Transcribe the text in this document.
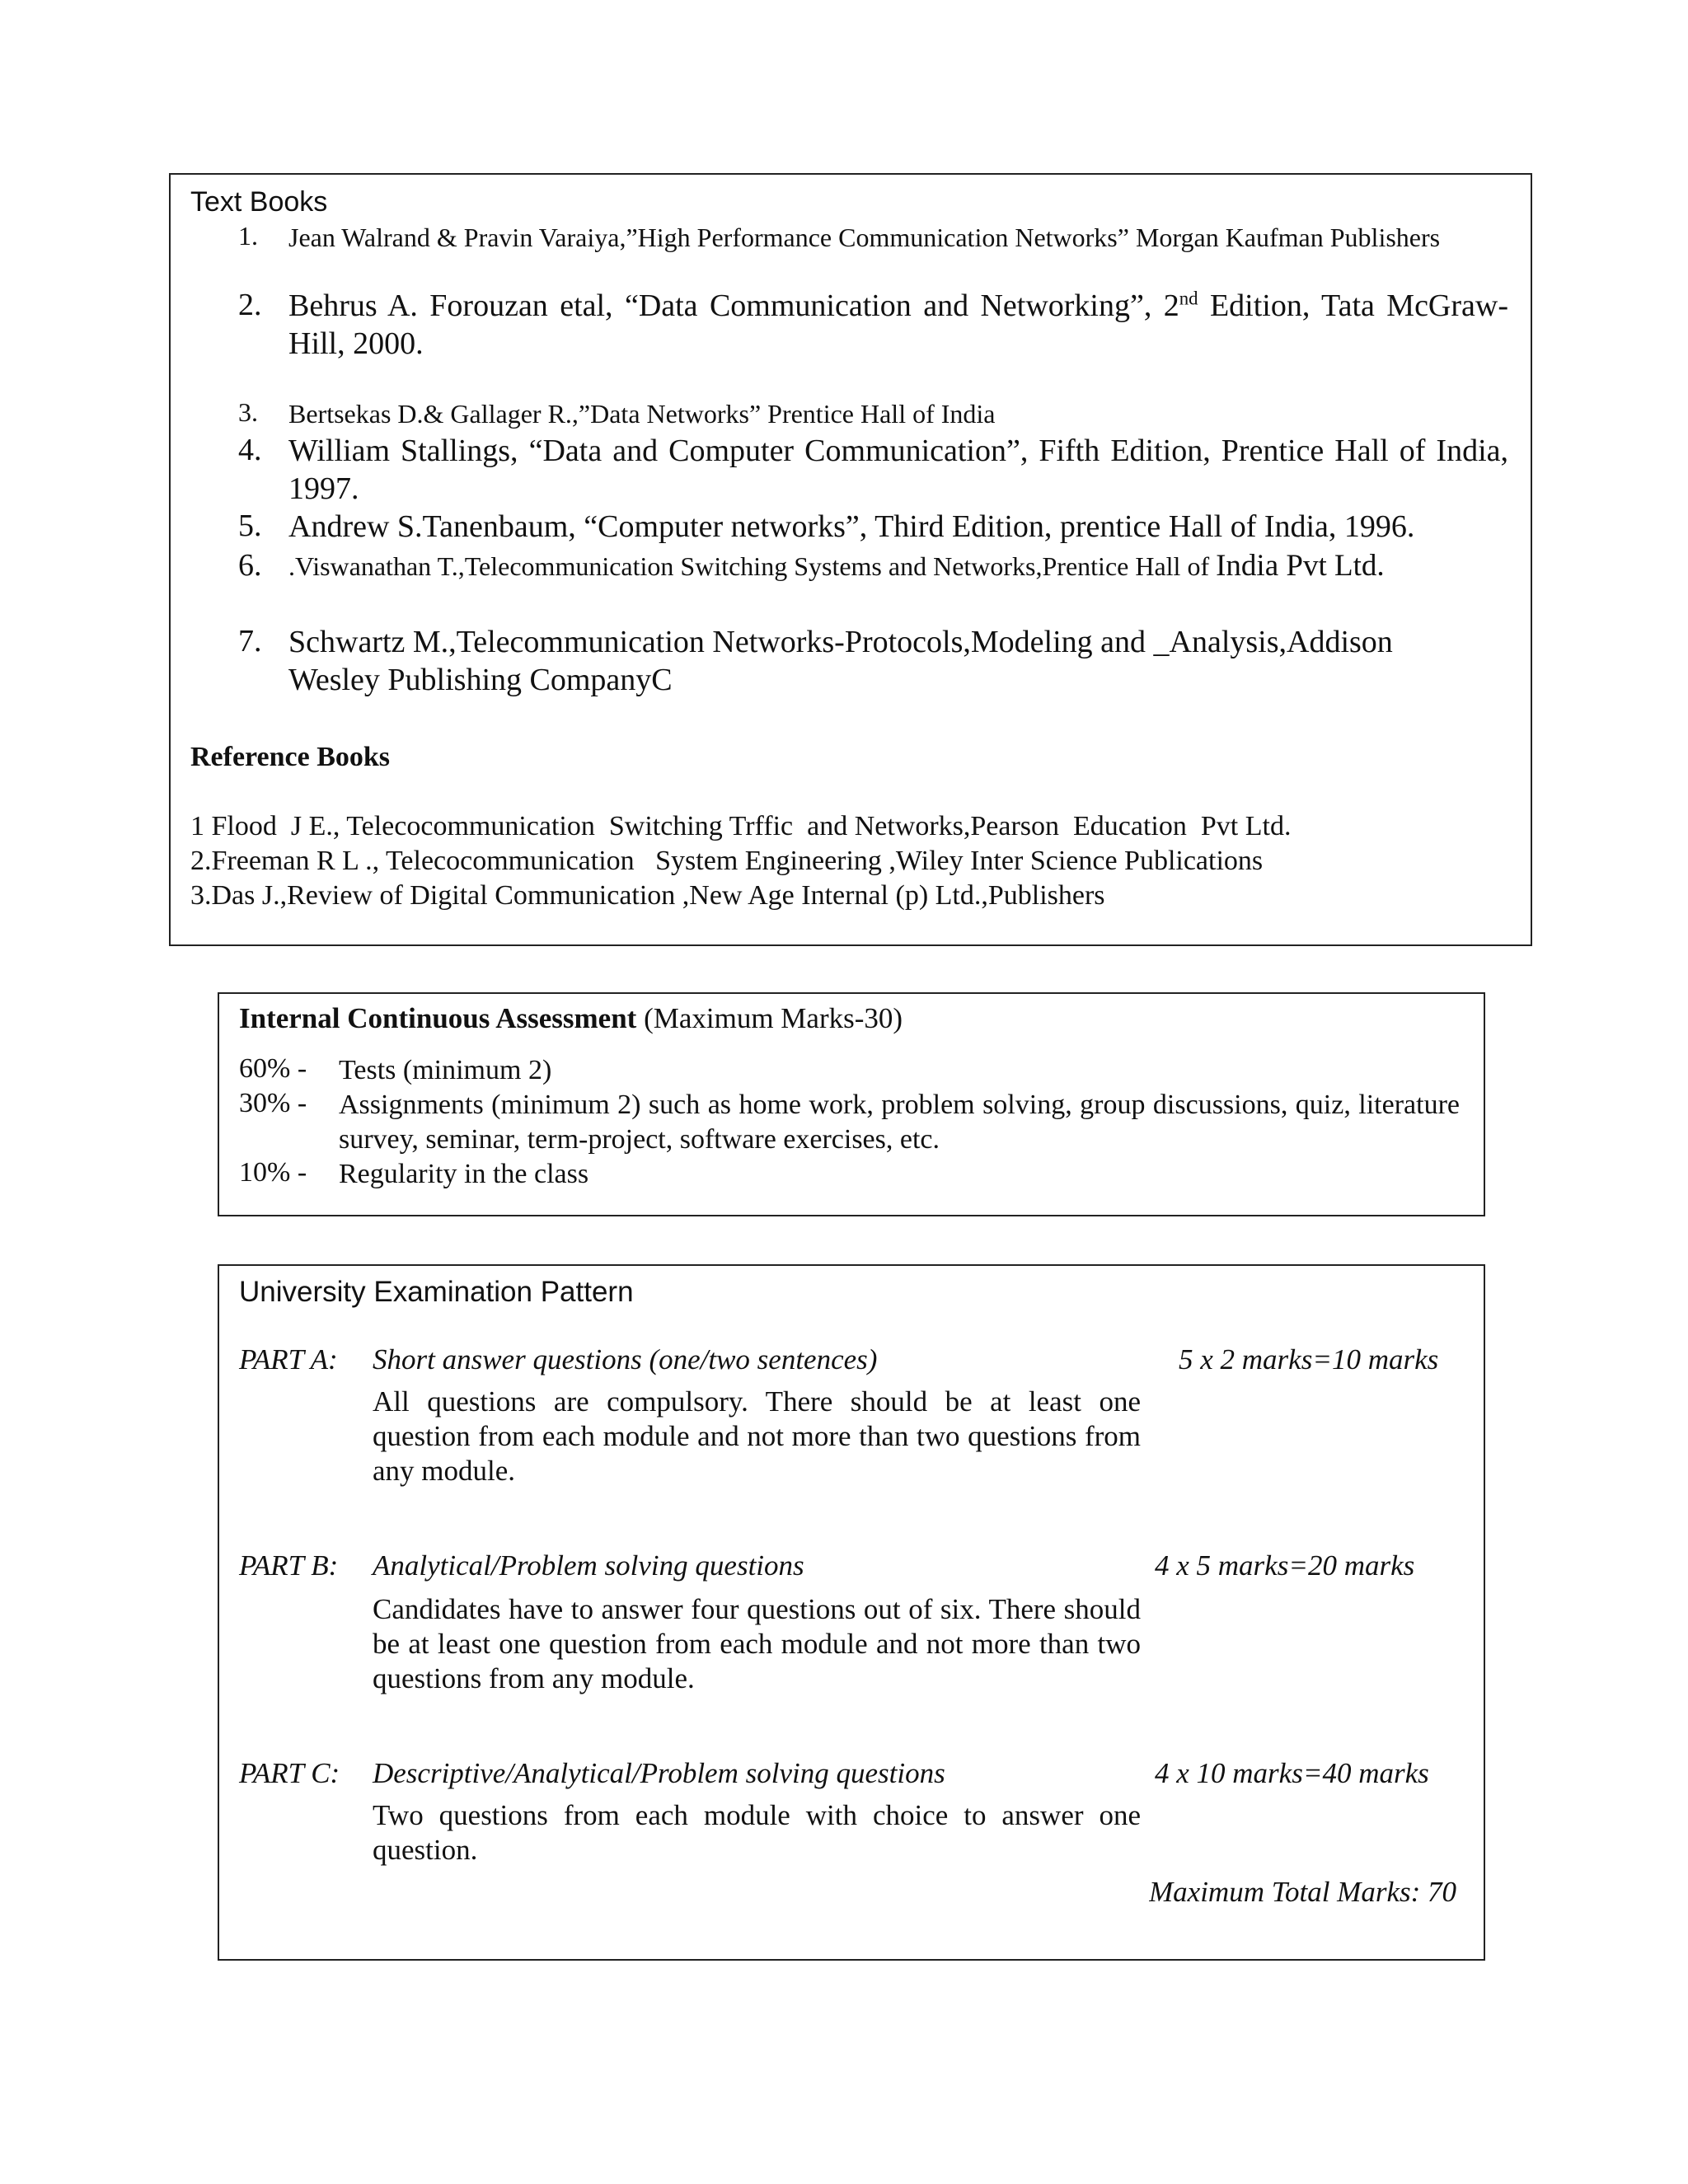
Text Books
1. Jean Walrand & Pravin Varaiya,”High Performance Communication Networks” Morgan Kaufman Publishers
2. Behrus A. Forouzan etal, “Data Communication and Networking”, 2nd Edition, Tata McGraw-Hill, 2000.
3. Bertsekas D.& Gallager R.,”Data Networks” Prentice Hall of India
4. William Stallings, “Data and Computer Communication”, Fifth Edition, Prentice Hall of India, 1997.
5. Andrew S.Tanenbaum, “Computer networks”, Third Edition, prentice Hall of India, 1996.
6. .Viswanathan T.,Telecommunication Switching Systems and Networks,Prentice Hall of India Pvt Ltd.
7. Schwartz M.,Telecommunication Networks-Protocols,Modeling and _Analysis,Addison Wesley Publishing CompanyC
Reference Books
1 Flood  J E., Telecocommunication  Switching Trffic  and Networks,Pearson  Education  Pvt Ltd.
2.Freeman R L ., Telecocommunication   System Engineering ,Wiley Inter Science Publications
3.Das J.,Review of Digital Communication ,New Age Internal (p) Ltd.,Publishers
Internal Continuous Assessment (Maximum Marks-30)
60% - Tests (minimum 2)
30% - Assignments (minimum 2) such as home work, problem solving, group discussions, quiz, literature survey, seminar, term-project, software exercises, etc.
10% - Regularity in the class
University Examination Pattern
PART A: Short answer questions (one/two sentences)	5 x 2 marks=10 marks
All questions are compulsory. There should be at least one question from each module and not more than two questions from any module.
PART B: Analytical/Problem solving questions	4 x 5 marks=20 marks
Candidates have to answer four questions out of six. There should be at least one question from each module and not more than two questions from any module.
PART C: Descriptive/Analytical/Problem solving questions	4 x 10 marks=40 marks
Two questions from each module with choice to answer one question.
Maximum Total Marks: 70
